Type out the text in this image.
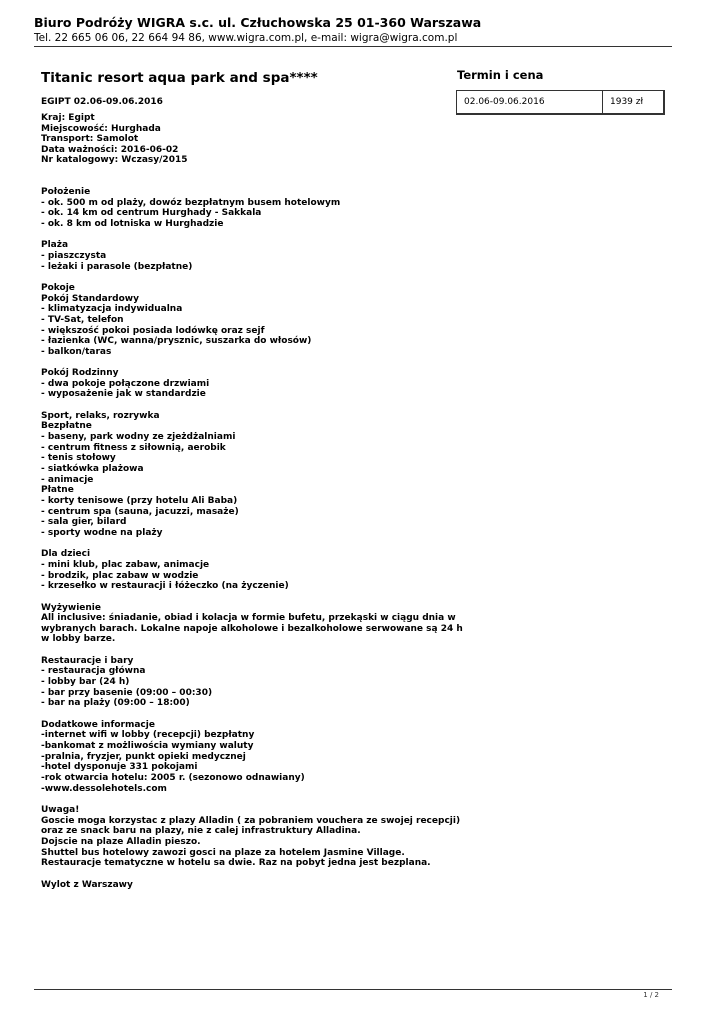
Biuro Podróży WIGRA s.c. ul. Człuchowska 25 01-360 Warszawa
Tel. 22 665 06 06, 22 664 94 86, www.wigra.com.pl, e-mail: wigra@wigra.com.pl
Titanic resort aqua park and spa****
EGIPT 02.06-09.06.2016
Kraj: Egipt
Miejscowość: Hurghada
Transport: Samolot
Data ważności: 2016-06-02
Nr katalogowy: Wczasy/2015
Położenie
- ok. 500 m od plaży, dowóz bezpłatnym busem hotelowym
- ok. 14 km od centrum Hurghady - Sakkala
- ok. 8 km od lotniska w Hurghadzie
Plaża
- piaszczysta
- leżaki i parasole (bezpłatne)
Pokoje
Pokój Standardowy
- klimatyzacja indywidualna
- TV-Sat, telefon
- większość pokoi posiada lodówkę oraz sejf
- łazienka (WC, wanna/prysznic, suszarka do włosów)
- balkon/taras
Pokój Rodzinny
- dwa pokoje połączone drzwiami
- wyposażenie jak w standardzie
Sport, relaks, rozrywka
Bezpłatne
- baseny, park wodny ze zjeżdżalniami
- centrum fitness z siłownią, aerobik
- tenis stołowy
- siatkówka plażowa
- animacje
Płatne
- korty tenisowe (przy hotelu Ali Baba)
- centrum spa (sauna, jacuzzi, masaże)
- sala gier, bilard
- sporty wodne na plaży
Dla dzieci
- mini klub, plac zabaw, animacje
- brodzik, plac zabaw w wodzie
- krzesełko w restauracji i łóżeczko (na życzenie)
Wyżywienie
All inclusive: śniadanie, obiad i kolacja w formie bufetu, przekąski w ciągu dnia w
wybranych barach. Lokalne napoje alkoholowe i bezalkoholowe serwowane są 24 h
w lobby barze.
Restauracje i bary
- restauracja główna
- lobby bar (24 h)
- bar przy basenie (09:00 – 00:30)
- bar na plaży (09:00 – 18:00)
Dodatkowe informacje
-internet wifi w lobby (recepcji) bezpłatny
-bankomat z możliwościa wymiany waluty
-pralnia, fryzjer, punkt opieki medycznej
-hotel dysponuje 331 pokojami
-rok otwarcia hotelu: 2005 r. (sezonowo odnawiany)
-www.dessolehotels.com
Uwaga!
Goscie moga korzystac z plazy Alladin ( za pobraniem vouchera ze swojej recepcji)
oraz ze snack baru na plazy, nie z calej infrastruktury Alladina.
Dojscie na plaze Alladin pieszo.
Shuttel bus hotelowy zawozi gosci na plaze za hotelem Jasmine Village.
Restauracje tematyczne w hotelu sa dwie. Raz na pobyt jedna jest bezplana.
Wylot z Warszawy
Termin i cena
02.06-09.06.2016	1939 zł
1 / 2
